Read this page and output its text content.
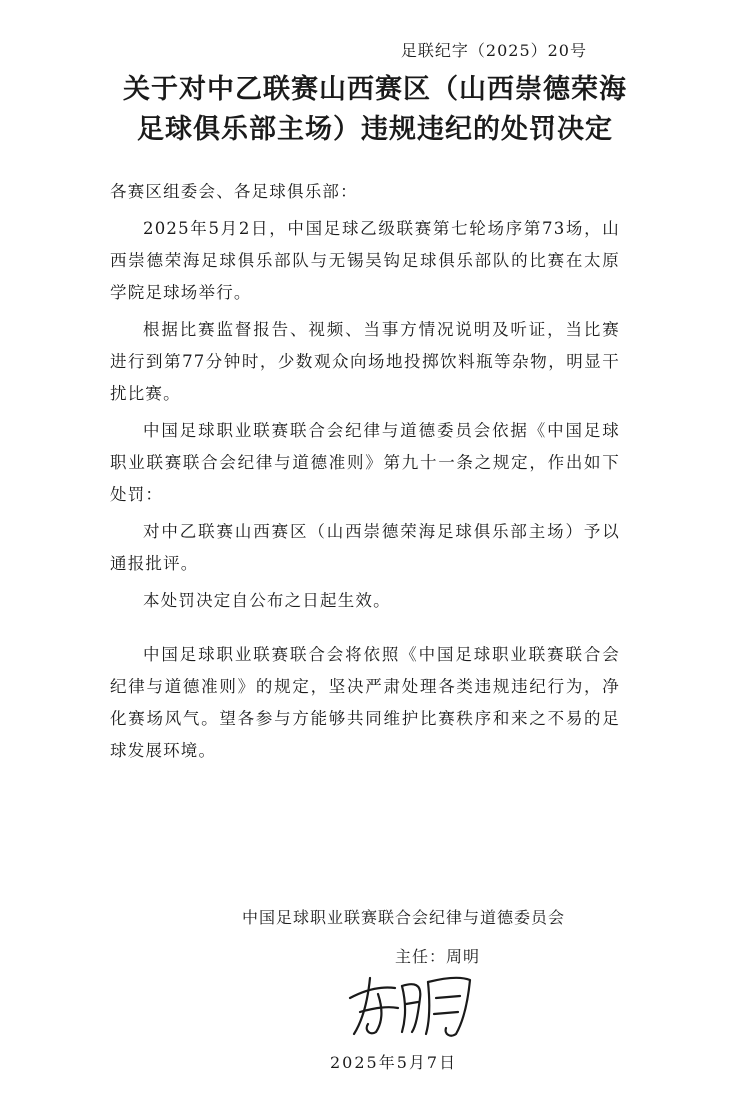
足联纪字（2025）20号
关于对中乙联赛山西赛区（山西崇德荣海
足球俱乐部主场）违规违纪的处罚决定

各赛区组委会、各足球俱乐部：

2025年5月2日，中国足球乙级联赛第七轮场序第73场，山西崇德荣海足球俱乐部队与无锡吴钩足球俱乐部队的比赛在太原学院足球场举行。

根据比赛监督报告、视频、当事方情况说明及听证，当比赛进行到第77分钟时，少数观众向场地投掷饮料瓶等杂物，明显干扰比赛。

中国足球职业联赛联合会纪律与道德委员会依据《中国足球职业联赛联合会纪律与道德准则》第九十一条之规定，作出如下处罚：

对中乙联赛山西赛区（山西崇德荣海足球俱乐部主场）予以通报批评。

本处罚决定自公布之日起生效。

中国足球职业联赛联合会将依照《中国足球职业联赛联合会纪律与道德准则》的规定，坚决严肃处理各类违规违纪行为，净化赛场风气。望各参与方能够共同维护比赛秩序和来之不易的足球发展环境。

中国足球职业联赛联合会纪律与道德委员会
主任：周明
2025年5月7日
